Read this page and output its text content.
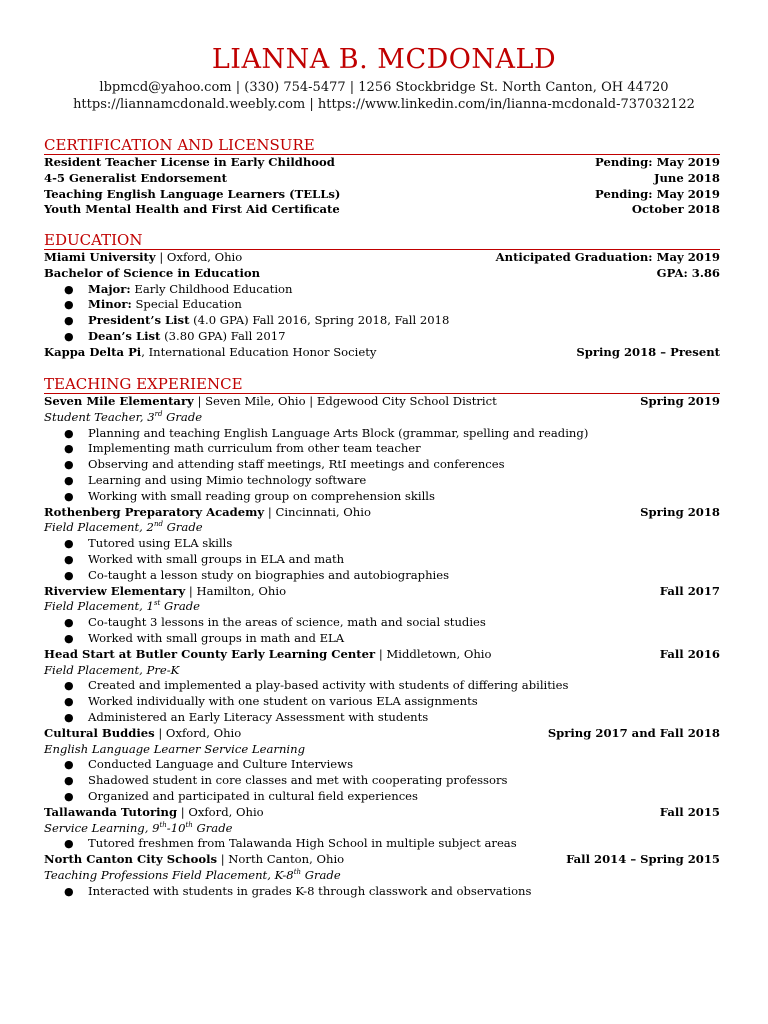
LIANNA B. MCDONALD
lbpmcd@yahoo.com | (330) 754-5477 | 1256 Stockbridge St. North Canton, OH 44720
https://liannamcdonald.weebly.com | https://www.linkedin.com/in/lianna-mcdonald-737032122
CERTIFICATION AND LICENSURE
Resident Teacher License in Early Childhood	Pending: May 2019
4-5 Generalist Endorsement	June 2018
Teaching English Language Learners (TELLs)	Pending: May 2019
Youth Mental Health and First Aid Certificate	October 2018
EDUCATION
Miami University | Oxford, Ohio	Anticipated Graduation: May 2019
Bachelor of Science in Education	GPA: 3.86
● Major: Early Childhood Education
● Minor: Special Education
● President’s List (4.0 GPA) Fall 2016, Spring 2018, Fall 2018
● Dean’s List (3.80 GPA) Fall 2017
Kappa Delta Pi, International Education Honor Society	Spring 2018 – Present
TEACHING EXPERIENCE
Seven Mile Elementary | Seven Mile, Ohio | Edgewood City School District	Spring 2019
Student Teacher, 3rd Grade
● Planning and teaching English Language Arts Block (grammar, spelling and reading)
● Implementing math curriculum from other team teacher
● Observing and attending staff meetings, RtI meetings and conferences
● Learning and using Mimio technology software
● Working with small reading group on comprehension skills
Rothenberg Preparatory Academy | Cincinnati, Ohio	Spring 2018
Field Placement, 2nd Grade
● Tutored using ELA skills
● Worked with small groups in ELA and math
● Co-taught a lesson study on biographies and autobiographies
Riverview Elementary | Hamilton, Ohio	Fall 2017
Field Placement, 1st Grade
● Co-taught 3 lessons in the areas of science, math and social studies
● Worked with small groups in math and ELA
Head Start at Butler County Early Learning Center | Middletown, Ohio	Fall 2016
Field Placement, Pre-K
● Created and implemented a play-based activity with students of differing abilities
● Worked individually with one student on various ELA assignments
● Administered an Early Literacy Assessment with students
Cultural Buddies | Oxford, Ohio	Spring 2017 and Fall 2018
English Language Learner Service Learning
● Conducted Language and Culture Interviews
● Shadowed student in core classes and met with cooperating professors
● Organized and participated in cultural field experiences
Tallawanda Tutoring | Oxford, Ohio	Fall 2015
Service Learning, 9th-10th Grade
● Tutored freshmen from Talawanda High School in multiple subject areas
North Canton City Schools | North Canton, Ohio	Fall 2014 – Spring 2015
Teaching Professions Field Placement, K-8th Grade
● Interacted with students in grades K-8 through classwork and observations
